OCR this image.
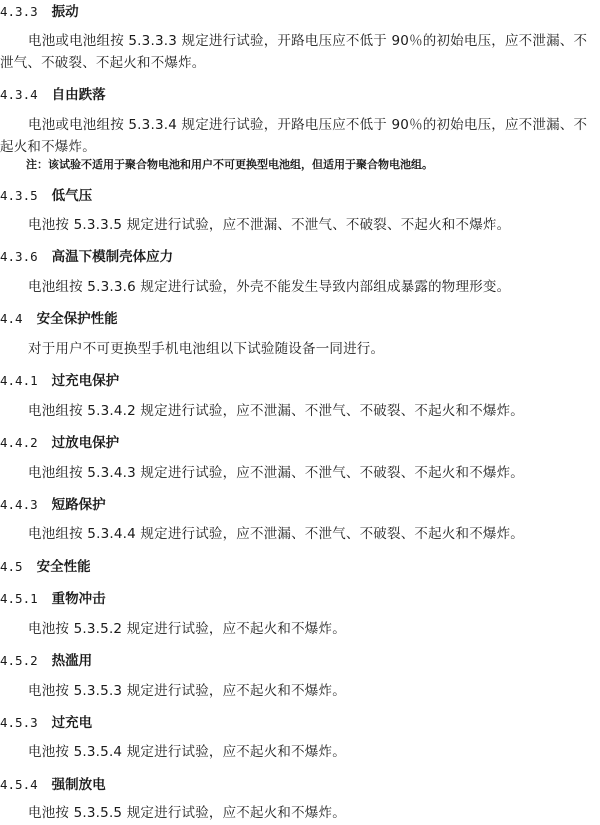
4.3.3 振动
电池或电池组按 5.3.3.3 规定进行试验，开路电压应不低于 90％的初始电压，应不泄漏、不泄气、不破裂、不起火和不爆炸。
4.3.4 自由跌落
电池或电池组按 5.3.3.4 规定进行试验，开路电压应不低于 90％的初始电压，应不泄漏、不起火和不爆炸。
注：该试验不适用于聚合物电池和用户不可更换型电池组，但适用于聚合物电池组。
4.3.5 低气压
电池按 5.3.3.5 规定进行试验，应不泄漏、不泄气、不破裂、不起火和不爆炸。
4.3.6 高温下模制壳体应力
电池组按 5.3.3.6 规定进行试验，外壳不能发生导致内部组成暴露的物理形变。
4.4 安全保护性能
对于用户不可更换型手机电池组以下试验随设备一同进行。
4.4.1 过充电保护
电池组按 5.3.4.2 规定进行试验，应不泄漏、不泄气、不破裂、不起火和不爆炸。
4.4.2 过放电保护
电池组按 5.3.4.3 规定进行试验，应不泄漏、不泄气、不破裂、不起火和不爆炸。
4.4.3 短路保护
电池组按 5.3.4.4 规定进行试验，应不泄漏、不泄气、不破裂、不起火和不爆炸。
4.5 安全性能
4.5.1 重物冲击
电池按 5.3.5.2 规定进行试验，应不起火和不爆炸。
4.5.2 热滥用
电池按 5.3.5.3 规定进行试验，应不起火和不爆炸。
4.5.3 过充电
电池按 5.3.5.4 规定进行试验，应不起火和不爆炸。
4.5.4 强制放电
电池按 5.3.5.5 规定进行试验，应不起火和不爆炸。
